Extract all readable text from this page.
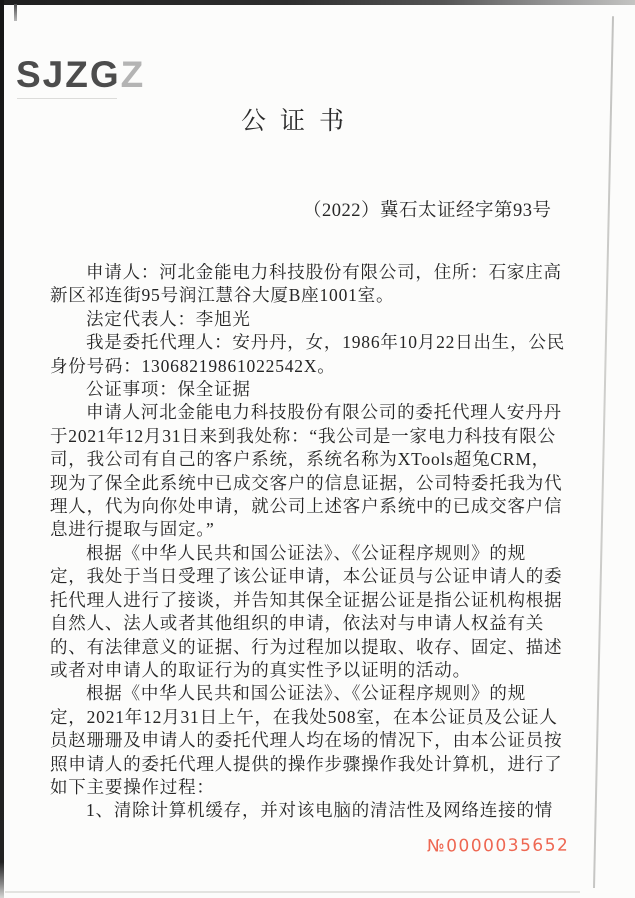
SJZGZ
公证书
（2022）冀石太证经字第93号
申请人：河北金能电力科技股份有限公司，住所：石家庄高
新区祁连街95号润江慧谷大厦B座1001室。
法定代表人：李旭光
我是委托代理人：安丹丹，女，1986年10月22日出生，公民
身份号码：13068219861022542X。
公证事项：保全证据
申请人河北金能电力科技股份有限公司的委托代理人安丹丹
于2021年12月31日来到我处称：“我公司是一家电力科技有限公
司，我公司有自己的客户系统，系统名称为XTools超兔CRM，
现为了保全此系统中已成交客户的信息证据，公司特委托我为代
理人，代为向你处申请，就公司上述客户系统中的已成交客户信
息进行提取与固定。”
根据《中华人民共和国公证法》、《公证程序规则》的规
定，我处于当日受理了该公证申请，本公证员与公证申请人的委
托代理人进行了接谈，并告知其保全证据公证是指公证机构根据
自然人、法人或者其他组织的申请，依法对与申请人权益有关
的、有法律意义的证据、行为过程加以提取、收存、固定、描述
或者对申请人的取证行为的真实性予以证明的活动。
根据《中华人民共和国公证法》、《公证程序规则》的规
定，2021年12月31日上午，在我处508室，在本公证员及公证人
员赵珊珊及申请人的委托代理人均在场的情况下，由本公证员按
照申请人的委托代理人提供的操作步骤操作我处计算机，进行了
如下主要操作过程：
1、清除计算机缓存，并对该电脑的清洁性及网络连接的情
№0000035652
